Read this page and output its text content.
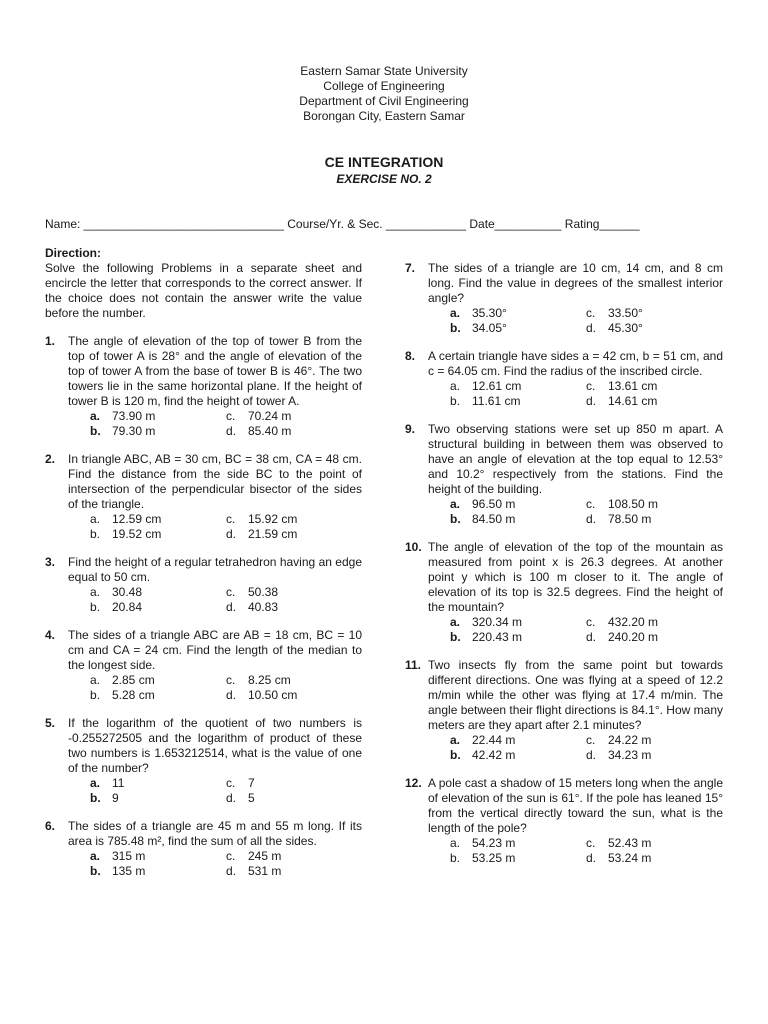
Eastern Samar State University
College of Engineering
Department of Civil Engineering
Borongan City, Eastern Samar
CE INTEGRATION
EXERCISE NO. 2
Name: ______________________________ Course/Yr. & Sec. ____________ Date__________ Rating______
Direction:
Solve the following Problems in a separate sheet and encircle the letter that corresponds to the correct answer. If the choice does not contain the answer write the value before the number.
1.	The angle of elevation of the top of tower B from the top of tower A is 28° and the angle of elevation of the top of tower A from the base of tower B is 46°. The two towers lie in the same horizontal plane. If the height of tower B is 120 m, find the height of tower A.
a. 73.90 m	c.	70.24 m
b. 79.30 m	d. 85.40 m
2.	In triangle ABC, AB = 30 cm, BC = 38 cm, CA = 48 cm. Find the distance from the side BC to the point of intersection of the perpendicular bisector of the sides of the triangle.
a. 12.59 cm	c.	15.92 cm
b. 19.52 cm	d. 21.59 cm
3.	Find the height of a regular tetrahedron having an edge equal to 50 cm.
a. 30.48	c.	50.38
b. 20.84	d. 40.83
4.	The sides of a triangle ABC are AB = 18 cm, BC = 10 cm and CA = 24 cm. Find the length of the median to the longest side.
a. 2.85 cm	c.	8.25 cm
b. 5.28 cm	d. 10.50 cm
5.	If the logarithm of the quotient of two numbers is -0.255272505 and the logarithm of product of these two numbers is 1.653212514, what is the value of one of the number?
a. 11	c.	7
b. 9	d. 5
6.	The sides of a triangle are 45 m and 55 m long. If its area is 785.48 m², find the sum of all the sides.
a. 315 m	c.	245 m
b. 135 m	d. 531 m
7.	The sides of a triangle are 10 cm, 14 cm, and 8 cm long. Find the value in degrees of the smallest interior angle?
a. 35.30°	c.	33.50°
b. 34.05°	d. 45.30°
8.	A certain triangle have sides a = 42 cm, b = 51 cm, and c = 64.05 cm. Find the radius of the inscribed circle.
a. 12.61 cm	c.	13.61 cm
b. 11.61 cm	d. 14.61 cm
9.	Two observing stations were set up 850 m apart. A structural building in between them was observed to have an angle of elevation at the top equal to 12.53° and 10.2° respectively from the stations. Find the height of the building.
a. 96.50 m	c.	108.50 m
b. 84.50 m	d. 78.50 m
10. The angle of elevation of the top of the mountain as measured from point x is 26.3 degrees. At another point y which is 100 m closer to it. The angle of elevation of its top is 32.5 degrees. Find the height of the mountain?
a. 320.34 m	c.	432.20 m
b. 220.43 m	d. 240.20 m
11. Two insects fly from the same point but towards different directions. One was flying at a speed of 12.2 m/min while the other was flying at 17.4 m/min. The angle between their flight directions is 84.1°. How many meters are they apart after 2.1 minutes?
a. 22.44 m	c.	24.22 m
b. 42.42 m	d. 34.23 m
12. A pole cast a shadow of 15 meters long when the angle of elevation of the sun is 61°. If the pole has leaned 15° from the vertical directly toward the sun, what is the length of the pole?
a. 54.23 m	c.	52.43 m
b. 53.25 m	d. 53.24 m
